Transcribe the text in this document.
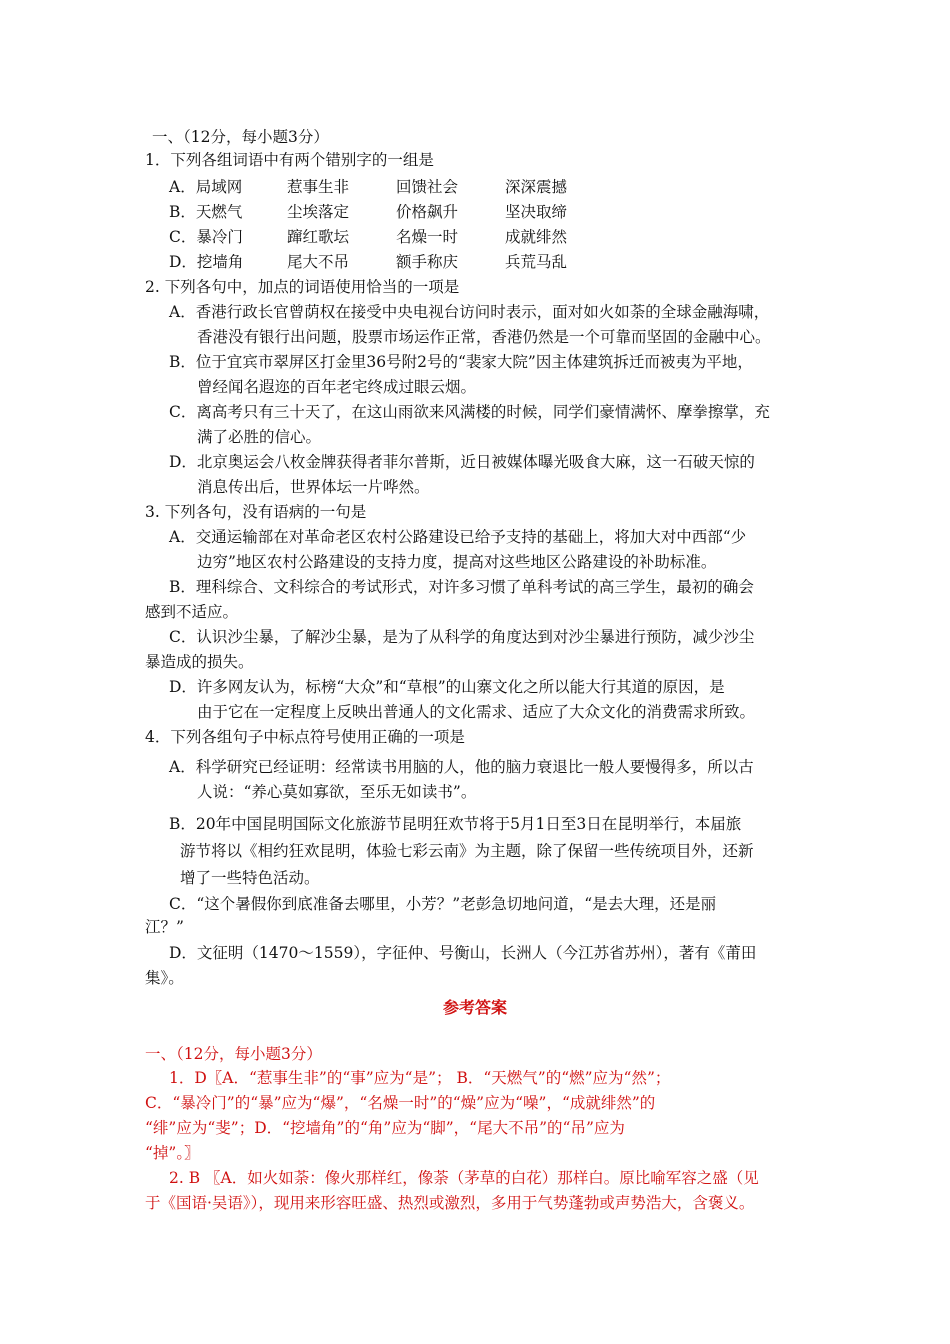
一、（12分，每小题3分）
1．下列各组词语中有两个错别字的一组是
A．局域网	惹事生非	回馈社会	深深震撼
B．天燃气	尘埃落定	价格飙升	坚决取缔
C．暴冷门	蹿红歌坛	名燥一时	成就绯然
D．挖墙角	尾大不吊	额手称庆	兵荒马乱
2. 下列各句中，加点的词语使用恰当的一项是
A．香港行政长官曾荫权在接受中央电视台访问时表示，面对如火如荼的全球金融海啸，
香港没有银行出问题，股票市场运作正常，香港仍然是一个可靠而坚固的金融中心。
B．位于宜宾市翠屏区打金里36号附2号的“裴家大院”因主体建筑拆迁而被夷为平地，
曾经闻名遐迩的百年老宅终成过眼云烟。
C．离高考只有三十天了，在这山雨欲来风满楼的时候，同学们豪情满怀、摩拳擦掌，充
满了必胜的信心。
D．北京奥运会八枚金牌获得者菲尔普斯，近日被媒体曝光吸食大麻，这一石破天惊的
消息传出后，世界体坛一片哗然。
3. 下列各句，没有语病的一句是
A．交通运输部在对革命老区农村公路建设已给予支持的基础上，将加大对中西部“少
边穷”地区农村公路建设的支持力度，提高对这些地区公路建设的补助标准。
B．理科综合、文科综合的考试形式，对许多习惯了单科考试的高三学生，最初的确会
感到不适应。
C．认识沙尘暴，了解沙尘暴，是为了从科学的角度达到对沙尘暴进行预防，减少沙尘
暴造成的损失。
D．许多网友认为，标榜“大众”和“草根”的山寨文化之所以能大行其道的原因，是
由于它在一定程度上反映出普通人的文化需求、适应了大众文化的消费需求所致。
4．下列各组句子中标点符号使用正确的一项是
A．科学研究已经证明：经常读书用脑的人，他的脑力衰退比一般人要慢得多，所以古
人说：“养心莫如寡欲，至乐无如读书”。
B．20年中国昆明国际文化旅游节昆明狂欢节将于5月1日至3日在昆明举行，本届旅
游节将以《相约狂欢昆明，体验七彩云南》为主题，除了保留一些传统项目外，还新
增了一些特色活动。
C．“这个暑假你到底准备去哪里，小芳？”老彭急切地问道，“是去大理，还是丽
江？”
D．文征明（1470～1559），字征仲、号衡山，长洲人（今江苏省苏州），著有《莆田
集》。
参考答案
一、（12分，每小题3分）
1．D〖A．“惹事生非”的“事”应为“是”； B．“天燃气”的“燃”应为“然”；
C．“暴冷门”的“暴”应为“爆”，“名燥一时”的“燥”应为“噪”，“成就绯然”的
“绯”应为“斐”；D．“挖墙角”的“角”应为“脚”，“尾大不吊”的“吊”应为
“掉”。〗
2. B 〖A．如火如荼：像火那样红，像荼（茅草的白花）那样白。原比喻军容之盛（见
于《国语·吴语》），现用来形容旺盛、热烈或激烈，多用于气势蓬勃或声势浩大，含褒义。
